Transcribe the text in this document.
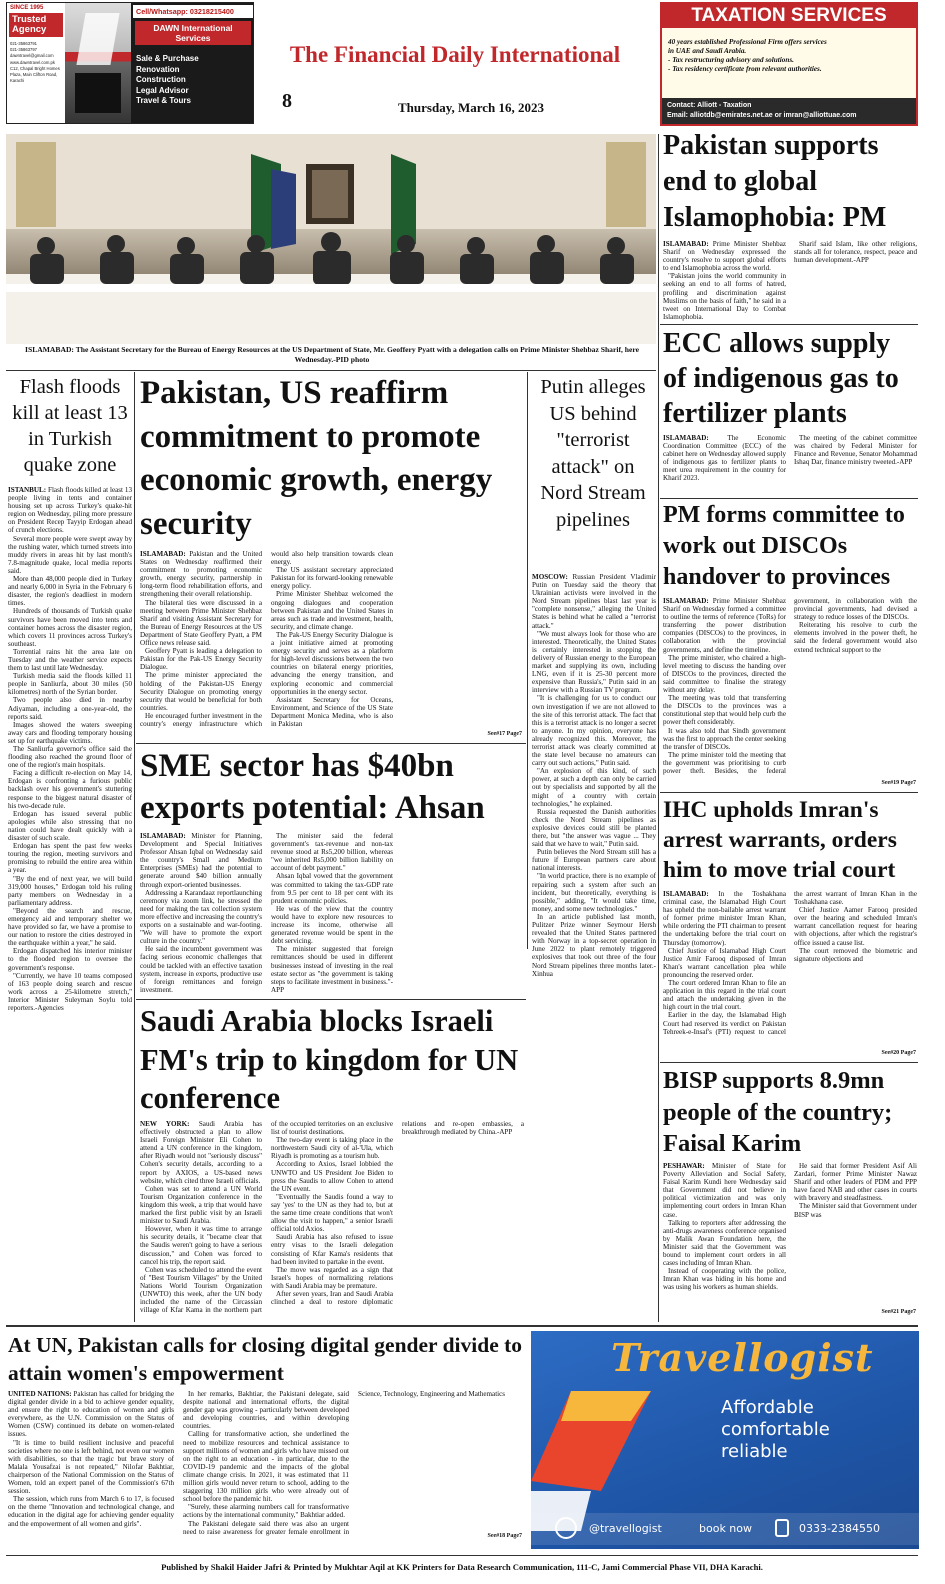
SINCE 1995
Trusted
Agency
021-35863791
021-35863797
dawntravel@gmail.com
www.dawntravel.com.pk
C12, Chapal Bright Homes Plaza, Main Clifton Road, Karachi
Cell/Whatsapp: 03218215400
DAWN International Services
Sale & Purchase
Renovation
Construction
Legal Advisor
Travel & Tours
The Financial Daily International
8	Thursday, March 16, 2023
TAXATION SERVICES
40 years established Professional Firm offers services
in UAE and Saudi Arabia.
- Tax restructuring advisory and solutions.
- Tax residency certificate from relevant authorities.
Contact: Alliott - Taxation
Email: alliotdb@emirates.net.ae or imran@alliottuae.com
ISLAMABAD: The Assistant Secretary for the Bureau of Energy Resources at the US Department of State, Mr. Geoffery Pyatt with a delegation calls on Prime Minister Shehbaz Sharif, here Wednesday.-PID photo
Flash floods kill at least 13 in Turkish quake zone

ISTANBUL: Flash floods killed at least 13 people living in tents and container housing set up across Turkey's quake-hit region on Wednesday, piling more pressure on President Recep Tayyip Erdogan ahead of crunch elections.

Several more people were swept away by the rushing water, which turned streets into muddy rivers in areas hit by last month's 7.8-magnitude quake, local media reports said.

More than 48,000 people died in Turkey and nearly 6,000 in Syria in the February 6 disaster, the region's deadliest in modern times.

Hundreds of thousands of Turkish quake survivors have been moved into tents and container homes across the disaster region, which covers 11 provinces across Turkey's southeast.

Torrential rains hit the area late on Tuesday and the weather service expects them to last until late Wednesday.

Turkish media said the floods killed 11 people in Sanliurfa, about 30 miles (50 kilometres) north of the Syrian border.

Two people also died in nearby Adiyaman, including a one-year-old, the reports said.

Images showed the waters sweeping away cars and flooding temporary housing set up for earthquake victims.

The Sanliurfa governor's office said the flooding also reached the ground floor of one of the region's main hospitals.

Facing a difficult re-election on May 14, Erdogan is confronting a furious public backlash over his government's stuttering response to the biggest natural disaster of his two-decade rule.

Erdogan has issued several public apologies while also stressing that no nation could have dealt quickly with a disaster of such scale.

Erdogan has spent the past few weeks touring the region, meeting survivors and promising to rebuild the entire area within a year.

"By the end of next year, we will build 319,000 houses," Erdogan told his ruling party members on Wednesday in a parliamentary address.

"Beyond the search and rescue, emergency aid and temporary shelter we have provided so far, we have a promise to our nation to restore the cities destroyed in the earthquake within a year," he said.

Erdogan dispatched his interior minister to the flooded region to oversee the government's response.

"Currently, we have 10 teams composed of 163 people doing search and rescue work across a 25-kilometre stretch," Interior Minister Suleyman Soylu told reporters.-Agencies

Pakistan, US reaffirm commitment to promote economic growth, energy security

ISLAMABAD: Pakistan and the United States on Wednesday reaffirmed their commitment to promoting economic growth, energy security, partnership in long-term flood rehabilitation efforts, and strengthening their overall relationship.

The bilateral ties were discussed in a meeting between Prime Minister Shehbaz Sharif and visiting Assistant Secretary for the Bureau of Energy Resources at the US Department of State Geoffery Pyatt, a PM Office news release said.

Geoffery Pyatt is leading a delegation to Pakistan for the Pak-US Energy Security Dialogue.

The prime minister appreciated the holding of the Pakistan-US Energy Security Dialogue on promoting energy security that would be beneficial for both countries.

He encouraged further investment in the country's energy infrastructure which would also help transition towards clean energy.

The US assistant secretary appreciated Pakistan for its forward-looking renewable energy policy.

Prime Minister Shehbaz welcomed the ongoing dialogues and cooperation between Pakistan and the United States in areas such as trade and investment, health, security, and climate change.

The Pak-US Energy Security Dialogue is a joint initiative aimed at promoting energy security and serves as a platform for high-level discussions between the two countries on bilateral energy priorities, advancing the energy transition, and exploring economic and commercial opportunities in the energy sector.

Assistant Secretary for Oceans, Environment, and Science of the US State Department Monica Medina, who is also in Pakistan

See#17 Page7
Putin alleges US behind "terrorist attack" on Nord Stream pipelines

MOSCOW: Russian President Vladimir Putin on Tuesday said the theory that Ukrainian activists were involved in the Nord Stream pipelines blast last year is "complete nonsense," alleging the United States is behind what he called a "terrorist attack."

"We must always look for those who are interested. Theoretically, the United States is certainly interested in stopping the delivery of Russian energy to the European market and supplying its own, including LNG, even if it is 25-30 percent more expensive than Russia's," Putin said in an interview with a Russian TV program.

"It is challenging for us to conduct our own investigation if we are not allowed to the site of this terrorist attack. The fact that this is a terrorist attack is no longer a secret to anyone. In my opinion, everyone has already recognized this. Moreover, the terrorist attack was clearly committed at the state level because no amateurs can carry out such actions," Putin said.

"An explosion of this kind, of such power, at such a depth can only be carried out by specialists and supported by all the might of a country with certain technologies," he explained.

Russia requested the Danish authorities check the Nord Stream pipelines as explosive devices could still be planted there, but "the answer was vague ... They said that we have to wait," Putin said.

Putin believes the Nord Stream still has a future if European partners care about national interests.

"In world practice, there is no example of repairing such a system after such an incident, but theoretically, everything is possible," adding, "It would take time, money, and some new technologies."

In an article published last month, Pulitzer Prize winner Seymour Hersh revealed that the United States partnered with Norway in a top-secret operation in June 2022 to plant remotely triggered explosives that took out three of the four Nord Stream pipelines three months later.-Xinhua

SME sector has $40bn exports potential: Ahsan

ISLAMABAD: Minister for Planning, Development and Special Initiatives Professor Ahsan Iqbal on Wednesday said the country's Small and Medium Enterprises (SMEs) had the potential to generate around $40 billion annually through export-oriented businesses.

Addressing a Karandaaz reportlaunching ceremony via zoom link, he stressed the need for making the tax collection system more effective and increasing the country's exports on a sustainable and war-footing. "We will have to promote the export culture in the country."

He said the incumbent government was facing serious economic challenges that could be tackled with an effective taxation system, increase in exports, productive use of foreign remittances and foreign investment.

The minister said the federal government's tax-revenue and non-tax revenue stood at Rs5,200 billion, whereas "we inherited Rs5,000 billion liability on account of debt payment."

Ahsan Iqbal vowed that the government was committed to taking the tax-GDP rate from 9.5 per cent to 18 per cent with its prudent economic policies.

He was of the view that the country would have to explore new resources to increase its income, otherwise all generated revenue would be spent in the debt servicing.

The minister suggested that foreign remittances should be used in different businesses instead of investing in the real estate sector as "the government is taking steps to facilitate investment in business."-APP

Saudi Arabia blocks Israeli FM's trip to kingdom for UN conference

NEW YORK: Saudi Arabia has effectively obstructed a plan to allow Israeli Foreign Minister Eli Cohen to attend a UN conference in the kingdom, after Riyadh would not "seriously discuss" Cohen's security details, according to a report by AXIOS, a US-based news website, which cited three Israeli officials.

Cohen was set to attend a UN World Tourism Organization conference in the kingdom this week, a trip that would have marked the first public visit by an Israeli minister to Saudi Arabia.

However, when it was time to arrange his security details, it "became clear that the Saudis weren't going to have a serious discussion," and Cohen was forced to cancel his trip, the report said.

Cohen was scheduled to attend the event of "Best Tourism Villages" by the United Nations World Tourism Organization (UNWTO) this week, after the UN body included the name of the Circassian village of Kfar Kama in the northern part of the occupied territories on an exclusive list of tourist destinations.

The two-day event is taking place in the northwestern Saudi city of al-'Ula, which Riyadh is promoting as a tourism hub.

According to Axios, Israel lobbied the UNWTO and US President Joe Biden to press the Saudis to allow Cohen to attend the UN event.

"Eventually the Saudis found a way to say 'yes' to the UN as they had to, but at the same time create conditions that won't allow the visit to happen," a senior Israeli official told Axios.

Saudi Arabia has also refused to issue entry visas to the Israeli delegation consisting of Kfar Kama's residents that had been invited to partake in the event.

The move was regarded as a sign that Israel's hopes of normalizing relations with Saudi Arabia may be premature.

After seven years, Iran and Saudi Arabia clinched a deal to restore diplomatic relations and re-open embassies, a breakthrough mediated by China.-APP

Pakistan supports end to global Islamophobia: PM

ISLAMABAD: Prime Minister Shehbaz Sharif on Wednesday expressed the country's resolve to support global efforts to end Islamophobia across the world.

"Pakistan joins the world community in seeking an end to all forms of hatred, profiling and discrimination against Muslims on the basis of faith," he said in a tweet on International Day to Combat Islamophobia.

Sharif said Islam, like other religions, stands all for tolerance, respect, peace and human development.-APP

ECC allows supply of indigenous gas to fertilizer plants

ISLAMABAD: The Economic Coordination Committee (ECC) of the cabinet here on Wednesday allowed supply of indigenous gas to fertilizer plants to meet urea requirement in the country for Kharif 2023.

The meeting of the cabinet committee was chaired by Federal Minister for Finance and Revenue, Senator Mohammad Ishaq Dar, finance ministry tweeted.-APP

PM forms committee to work out DISCOs handover to provinces

ISLAMABAD: Prime Minister Shehbaz Sharif on Wednesday formed a committee to outline the terms of reference (ToRs) for transferring the power distribution companies (DISCOs) to the provinces, in collaboration with the provincial governments, and define the timeline.

The prime minister, who chaired a high-level meeting to discuss the handing over of DISCOs to the provinces, directed the said committee to finalise the strategy without any delay.

The meeting was told that transferring the DISCOs to the provinces was a constitutional step that would help curb the power theft considerably.

It was also told that Sindh government was the first to approach the center seeking the transfer of DISCOs.

The prime minister told the meeting that the government was prioritising to curb power theft. Besides, the federal government, in collaboration with the provincial governments, had devised a strategy to reduce losses of the DISCOs.

Reiterating his resolve to curb the elements involved in the power theft, he said the federal government would also extend technical support to the

See#19 Page7
IHC upholds Imran's arrest warrants, orders him to move trial court

ISLAMABAD: In the Toshakhana criminal case, the Islamabad High Court has upheld the non-bailable arrest warrant of former prime minister Imran Khan, while ordering the PTI chairman to present the undertaking before the trial court on Thursday (tomorrow).

Chief Justice of Islamabad High Court Justice Amir Farooq disposed of Imran Khan's warrant cancellation plea while pronouncing the reserved order.

The court ordered Imran Khan to file an application in this regard in the trial court and attach the undertaking given in the high court in the trial court.

Earlier in the day, the Islamabad High Court had reserved its verdict on Pakistan Tehreek-e-Insaf's (PTI) request to cancel the arrest warrant of Imran Khan in the Toshakhana case.

Chief Justice Aamer Farooq presided over the hearing and scheduled Imran's warrant cancellation request for hearing with objections, after which the registrar's office issued a cause list.

The court removed the biometric and signature objections and

See#20 Page7
BISP supports 8.9mn people of the country; Faisal Karim

PESHAWAR: Minister of State for Poverty Alleviation and Social Safety, Faisal Karim Kundi here Wednesday said that Government did not believe in political victimization and was only implementing court orders in Imran Khan case.

Talking to reporters after addressing the anti-drugs awareness conference organised by Malik Awan Foundation here, the Minister said that the Government was bound to implement court orders in all cases including of Imran Khan.

Instead of cooperating with the police, Imran Khan was hiding in his home and was using his workers as human shields.

He said that former President Asif Ali Zardari, former Prime Minister Nawaz Sharif and other leaders of PDM and PPP have faced NAB and other cases in courts with bravery and steadfastness.

The Minister said that Government under BISP was

See#21 Page7
At UN, Pakistan calls for closing digital gender divide to attain women's empowerment

UNITED NATIONS: Pakistan has called for bridging the digital gender divide in a bid to achieve gender equality, and ensure the right to education of women and girls everywhere, as the U.N. Commission on the Status of Women (CSW) continued its debate on women-related issues.

"It is time to build resilient inclusive and peaceful societies where no one is left behind, not even our women with disabilities, so that the tragic but brave story of Malala Yousafzai is not repeated," Nilofar Bakhtiar, chairperson of the National Commission on the Status of Women, told an expert panel of the Commission's 67th session.

The session, which runs from March 6 to 17, is focused on the theme "Innovation and technological change, and education in the digital age for achieving gender equality and the empowerment of all women and girls".

In her remarks, Bakhtiar, the Pakistani delegate, said despite national and international efforts, the digital gender gap was growing - particularly between developed and developing countries, and within developing countries.

Calling for transformative action, she underlined the need to mobilize resources and technical assistance to support millions of women and girls who have missed out on the right to an education - in particular, due to the COVID-19 pandemic and the impacts of the global climate change crisis. In 2021, it was estimated that 11 million girls would never return to school, adding to the staggering 130 million girls who were already out of school before the pandemic hit.

"Surely, these alarming numbers call for transformative actions by the international community," Bakhtiar added.

The Pakistani delegate said there was also an urgent need to raise awareness for greater female enrollment in Science, Technology, Engineering and Mathematics

See#18 Page7
Travellogist
Affordable
comfortable
reliable
@travellogist	book now	0333-2384550
Published by Shakil Haider Jafri & Printed by Mukhtar Aqil at KK Printers for Data Research Communication, 111-C, Jami Commercial Phase VII, DHA Karachi.
